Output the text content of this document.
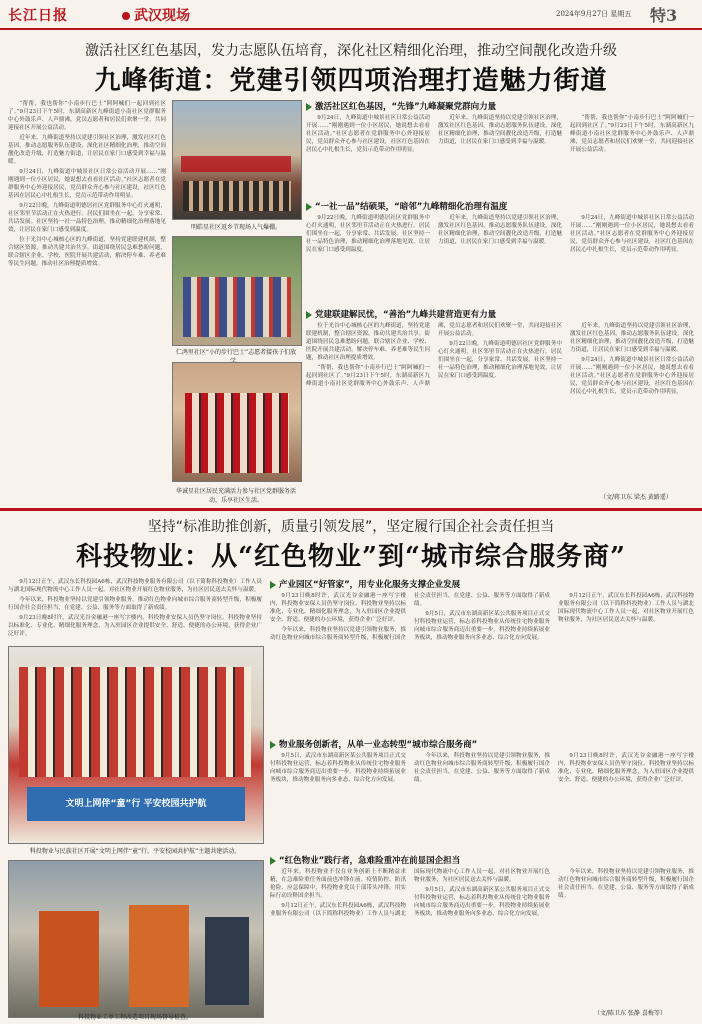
长江日报	武汉现场	2024年9月27日 星期五 特3
激活社区红色基因，发力志愿队伍培育，深化社区精细化治理，推动空间靓化改造升级
九峰街道：党建引领四项治理打造魅力街道

“帮帮，我也帮你”小南步行巴士“阿阿喊们一起回到社区了。”9月23日下午5时，东湖高新区九峰街道小南社区党群服务中心外鼓乐声、人声鼎沸，党员志愿者和居民们欢聚一堂，共同迎接社区开展公益活动。

近年来，九峰街道坚持以党建引领社区治理，激发社区红色基因，推动志愿服务队伍建设，深化社区精细化治理，推动空间靓化改造升级，打造魅力街道，让居民在家门口感受到幸福与温暖。

9月24日，九峰街道中城景社区日常公益活动开展……“刚刚遇到一位小区居民，她说想去看看社区活动。”社区志愿者在党群服务中心外迎接居民，党员群众齐心参与社区建设，社区红色基因在居民心中扎根生长，党员示范带动作用明显。

9月22日晚，九峰街道明德居社区党群服务中心灯火通明，社区邻里节活动正在火热进行。居民们围坐在一起，分享家常、共话发展。社区坚持一社一品特色治理，推动精细化治理落地见效，让居民在家门口感受到温度。

位于光谷中心城核心区的九峰街道，坚持党建联建机制，整合辖区资源，推动共建共治共享。街道围绕居民急难愁盼问题，联合辖区企业、学校、医院开展共建活动，解决停车难、养老难等民生问题，推动社区治理提质增效。

明皓星社区返乡节现场人气爆棚。
仁鸿里社区“小的步行巴士”志愿者接孩子们放
华诚星社区居民充满活力参与社区党群服务活动，乐享社区生活。
激活社区红色基因，“先锋”九峰凝聚党群向力量

9月24日，九峰街道中城景社区日常公益活动开展……“刚刚遇到一位小区居民，她说想去看看社区活动。”社区志愿者在党群服务中心外迎接居民，党员群众齐心参与社区建设，社区红色基因在居民心中扎根生长，党员示范带动作用明显。

近年来，九峰街道坚持以党建引领社区治理，激发社区红色基因，推动志愿服务队伍建设，深化社区精细化治理，推动空间靓化改造升级，打造魅力街道，让居民在家门口感受到幸福与温暖。

“帮帮，我也帮你”小南步行巴士“阿阿喊们一起回到社区了。”9月23日下午5时，东湖高新区九峰街道小南社区党群服务中心外鼓乐声、人声鼎沸，党员志愿者和居民们欢聚一堂，共同迎接社区开展公益活动。

“一社一品”结硕果，“暗邻”九峰精细化治理有温度

9月22日晚，九峰街道明德居社区党群服务中心灯火通明，社区邻里节活动正在火热进行。居民们围坐在一起，分享家常、共话发展。社区坚持一社一品特色治理，推动精细化治理落地见效，让居民在家门口感受到温度。

近年来，九峰街道坚持以党建引领社区治理，激发社区红色基因，推动志愿服务队伍建设，深化社区精细化治理，推动空间靓化改造升级，打造魅力街道，让居民在家门口感受到幸福与温暖。

9月24日，九峰街道中城景社区日常公益活动开展……“刚刚遇到一位小区居民，她说想去看看社区活动。”社区志愿者在党群服务中心外迎接居民，党员群众齐心参与社区建设，社区红色基因在居民心中扎根生长，党员示范带动作用明显。

党建联建解民忧，“善治”九峰共建营造更有力量

位于光谷中心城核心区的九峰街道，坚持党建联建机制，整合辖区资源，推动共建共治共享。街道围绕居民急难愁盼问题，联合辖区企业、学校、医院开展共建活动，解决停车难、养老难等民生问题，推动社区治理提质增效。

“帮帮，我也帮你”小南步行巴士“阿阿喊们一起回到社区了。”9月23日下午5时，东湖高新区九峰街道小南社区党群服务中心外鼓乐声、人声鼎沸，党员志愿者和居民们欢聚一堂，共同迎接社区开展公益活动。

9月22日晚，九峰街道明德居社区党群服务中心灯火通明，社区邻里节活动正在火热进行。居民们围坐在一起，分享家常、共话发展。社区坚持一社一品特色治理，推动精细化治理落地见效，让居民在家门口感受到温度。

近年来，九峰街道坚持以党建引领社区治理，激发社区红色基因，推动志愿服务队伍建设，深化社区精细化治理，推动空间靓化改造升级，打造魅力街道，让居民在家门口感受到幸福与温暖。

9月24日，九峰街道中城景社区日常公益活动开展……“刚刚遇到一位小区居民，她说想去看看社区活动。”社区志愿者在党群服务中心外迎接居民，党员群众齐心参与社区建设，社区红色基因在居民心中扎根生长，党员示范带动作用明显。

（文/蒋卫东 梁杰 黄路遥）
坚持“标准助推创新，质量引领发展”，坚定履行国企社会责任担当
科投物业：从“红色物业”到“城市综合服务商”

9月12日正午，武汉东长科投园A6栋，武汉科技物业服务有限公司（以下简称科投物业）工作人员与湖北国际现代物流中心工作人员一起，对社区物业开展红色物业服务，为社区居民送去关怀与温暖。

今年以来，科投物业坚持以党建引领物业服务，推动红色物业向城市综合服务商转型升级，积极履行国企社会责任担当，在党建、公益、服务等方面取得了新成绩。

9月23日晚8时许，武汉光谷金融港一座写字楼内，科投物业安保人员仍坚守岗位。科投物业坚持以标准化、专业化、精细化服务理念，为入驻园区企业提供安全、舒适、便捷的办公环境，获得企业广泛好评。

文明上网伴“童”行 平安校园共护航
科投物业与民族社区开展“文明上网伴“童”行，平安校园共护航”主题共建活动。
科投物业工单工程改造项目现场督导检查。
产业园区“好管家”，用专业化服务支撑企业发展

9月23日晚8时许，武汉光谷金融港一座写字楼内，科投物业安保人员仍坚守岗位。科投物业坚持以标准化、专业化、精细化服务理念，为入驻园区企业提供安全、舒适、便捷的办公环境，获得企业广泛好评。

今年以来，科投物业坚持以党建引领物业服务，推动红色物业向城市综合服务商转型升级，积极履行国企社会责任担当，在党建、公益、服务等方面取得了新成绩。

9月5日，武汉市东湖高新区某公共服务项目正式交付科投物业运营，标志着科投物业从传统住宅物业服务向城市综合服务商迈出重要一步。科投物业持续拓展业务板块，推动物业服务向多业态、综合化方向发展。

9月12日正午，武汉东长科投园A6栋，武汉科技物业服务有限公司（以下简称科投物业）工作人员与湖北国际现代物流中心工作人员一起，对社区物业开展红色物业服务，为社区居民送去关怀与温暖。

物业服务创新者，从单一业态转型“城市综合服务商”

9月5日，武汉市东湖高新区某公共服务项目正式交付科投物业运营，标志着科投物业从传统住宅物业服务向城市综合服务商迈出重要一步。科投物业持续拓展业务板块，推动物业服务向多业态、综合化方向发展。

今年以来，科投物业坚持以党建引领物业服务，推动红色物业向城市综合服务商转型升级，积极履行国企社会责任担当，在党建、公益、服务等方面取得了新成绩。

9月23日晚8时许，武汉光谷金融港一座写字楼内，科投物业安保人员仍坚守岗位。科投物业坚持以标准化、专业化、精细化服务理念，为入驻园区企业提供安全、舒适、便捷的办公环境，获得企业广泛好评。

“红色物业”践行者，急难险重冲在前显国企担当

近年来，科投物业不仅在业务创新上不断精益求精，在急难险重任务面前也冲锋在前。疫情防控、防汛抢险、应急保障中，科投物业党员干部带头冲锋，用实际行动诠释国企担当。

9月12日正午，武汉东长科投园A6栋，武汉科技物业服务有限公司（以下简称科投物业）工作人员与湖北国际现代物流中心工作人员一起，对社区物业开展红色物业服务，为社区居民送去关怀与温暖。

9月5日，武汉市东湖高新区某公共服务项目正式交付科投物业运营，标志着科投物业从传统住宅物业服务向城市综合服务商迈出重要一步。科投物业持续拓展业务板块，推动物业服务向多业态、综合化方向发展。

今年以来，科投物业坚持以党建引领物业服务，推动红色物业向城市综合服务商转型升级，积极履行国企社会责任担当，在党建、公益、服务等方面取得了新成绩。

（文/陈卫东 张静 喜梅等）
